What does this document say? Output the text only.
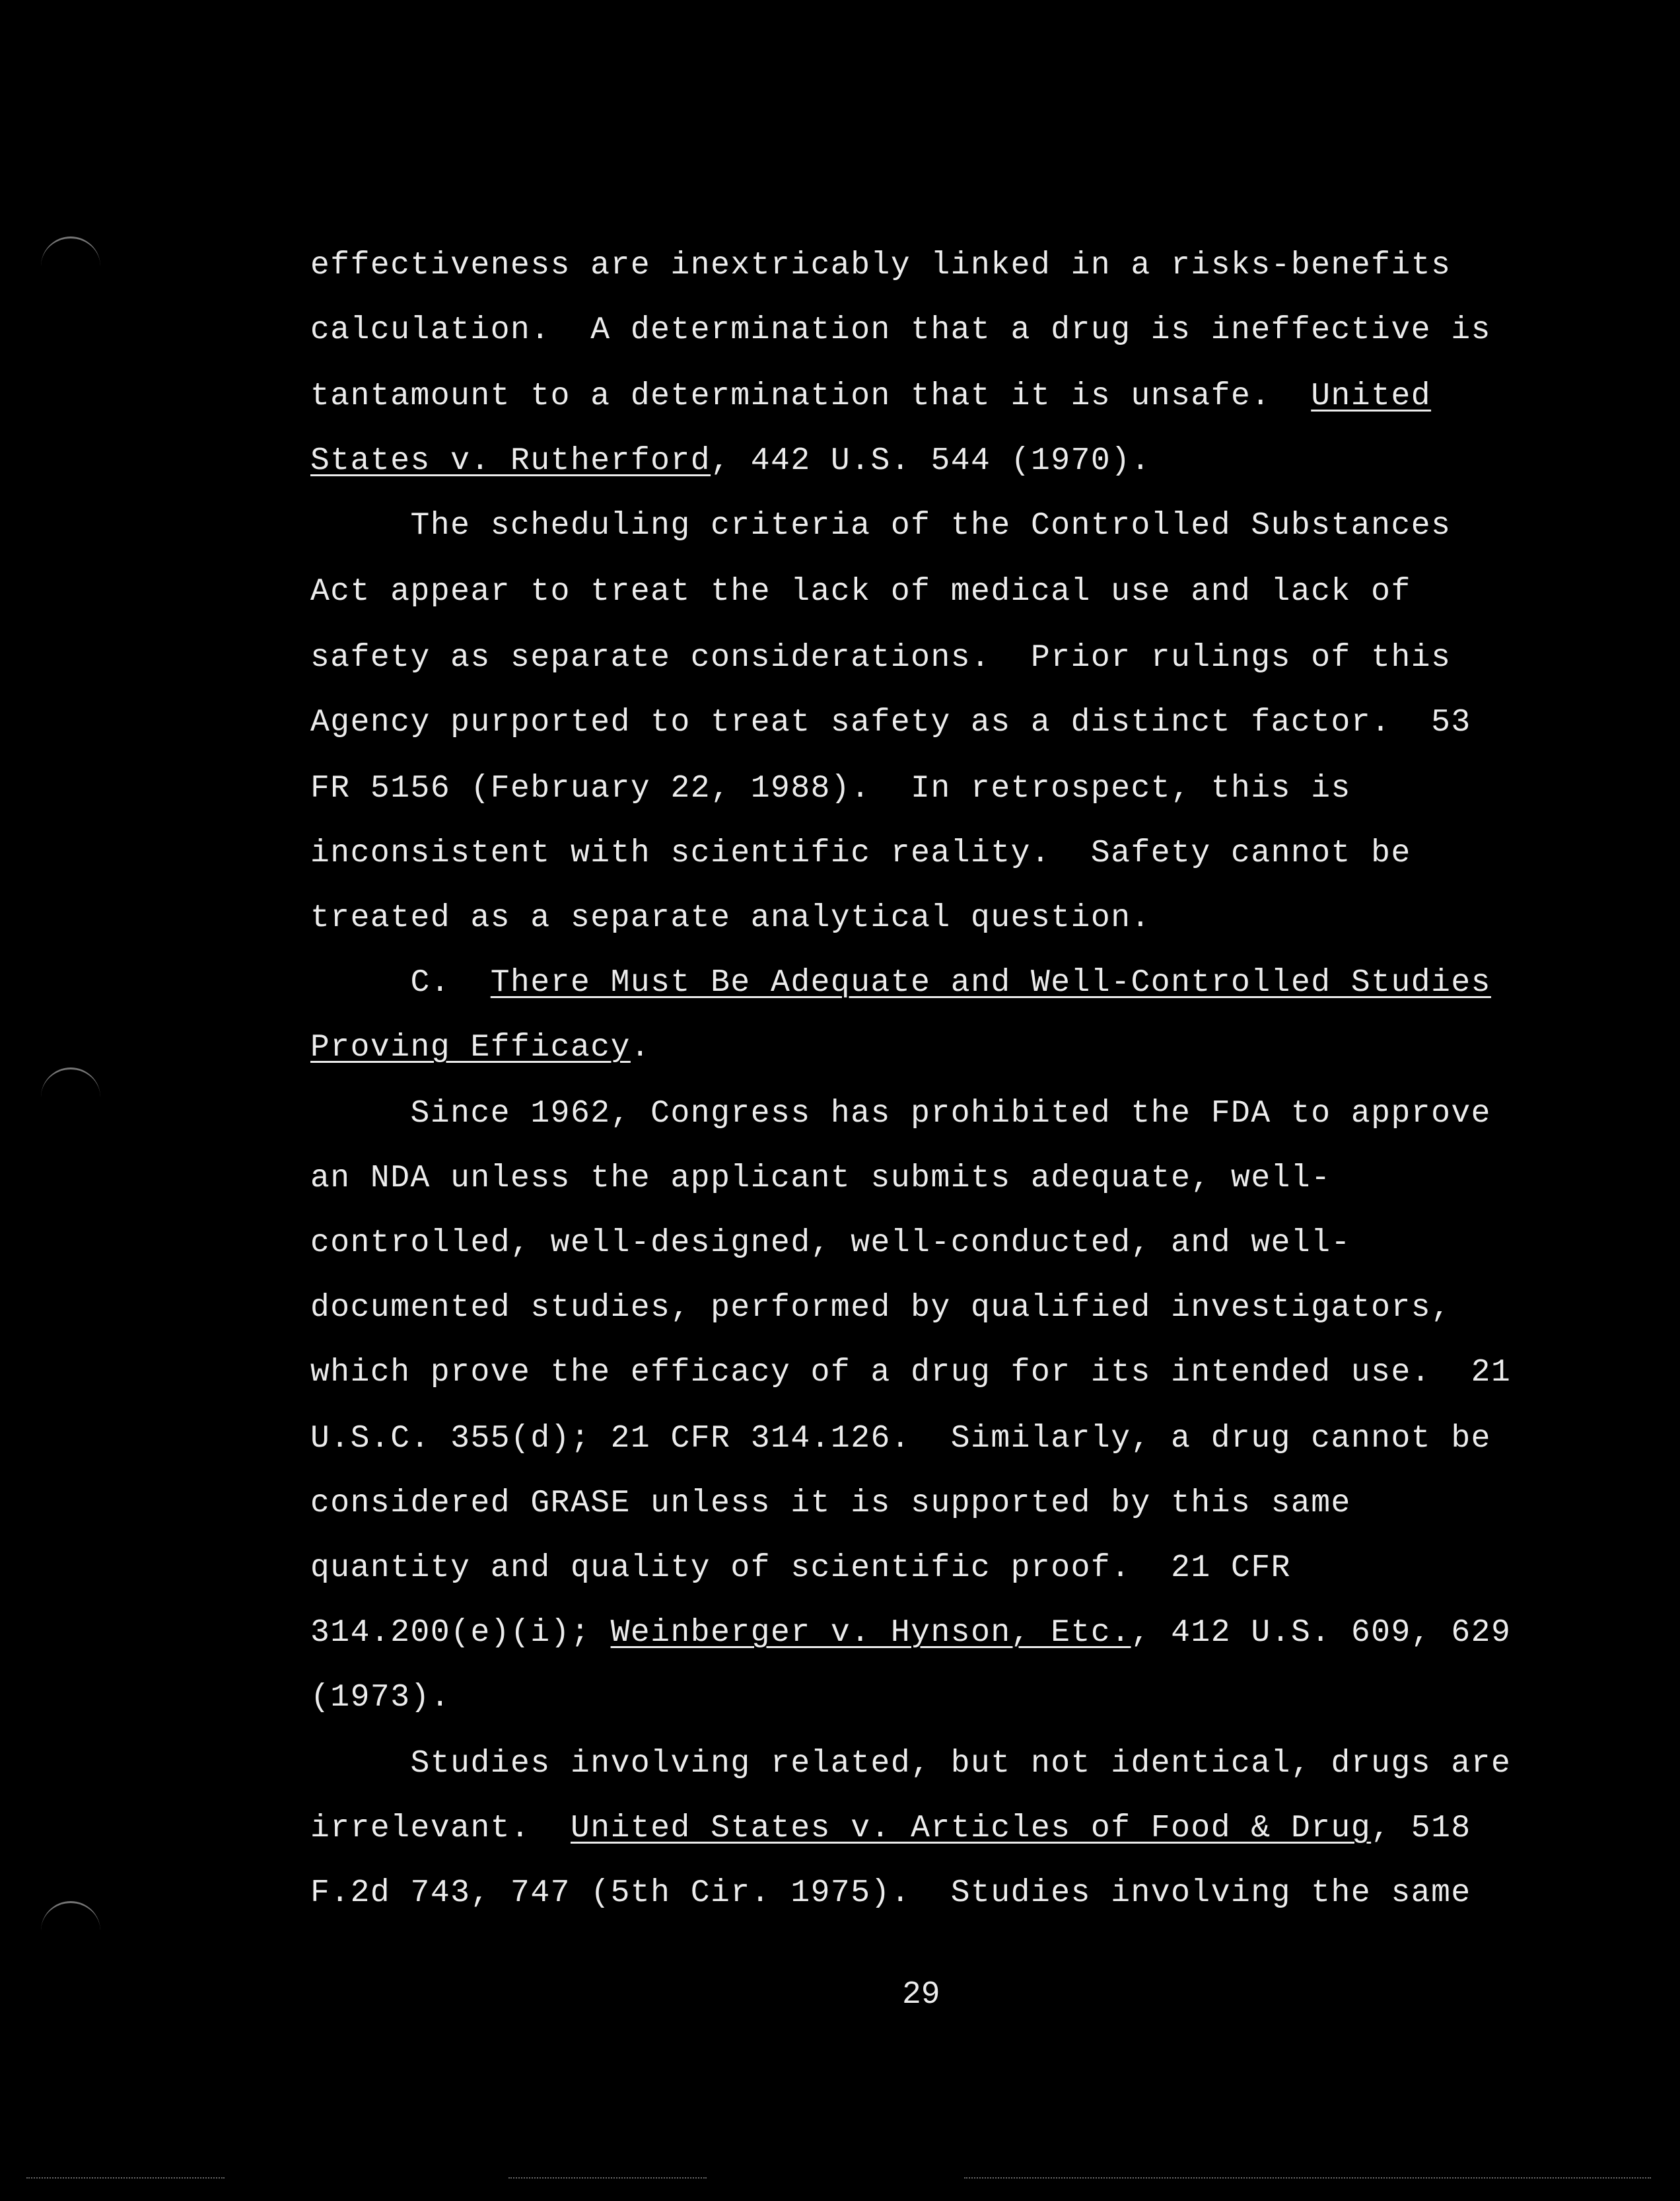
effectiveness are inextricably linked in a risks-benefits
calculation.  A determination that a drug is ineffective is
tantamount to a determination that it is unsafe.  United
States v. Rutherford, 442 U.S. 544 (1970).
The scheduling criteria of the Controlled Substances
Act appear to treat the lack of medical use and lack of
safety as separate considerations.  Prior rulings of this
Agency purported to treat safety as a distinct factor.  53
FR 5156 (February 22, 1988).  In retrospect, this is
inconsistent with scientific reality.  Safety cannot be
treated as a separate analytical question.
C.  There Must Be Adequate and Well-Controlled Studies
Proving Efficacy.
Since 1962, Congress has prohibited the FDA to approve
an NDA unless the applicant submits adequate, well-
controlled, well-designed, well-conducted, and well-
documented studies, performed by qualified investigators,
which prove the efficacy of a drug for its intended use.  21
U.S.C. 355(d); 21 CFR 314.126.  Similarly, a drug cannot be
considered GRASE unless it is supported by this same
quantity and quality of scientific proof.  21 CFR
314.200(e)(i); Weinberger v. Hynson, Etc., 412 U.S. 609, 629
(1973).
Studies involving related, but not identical, drugs are
irrelevant.  United States v. Articles of Food & Drug, 518
F.2d 743, 747 (5th Cir. 1975).  Studies involving the same
29
